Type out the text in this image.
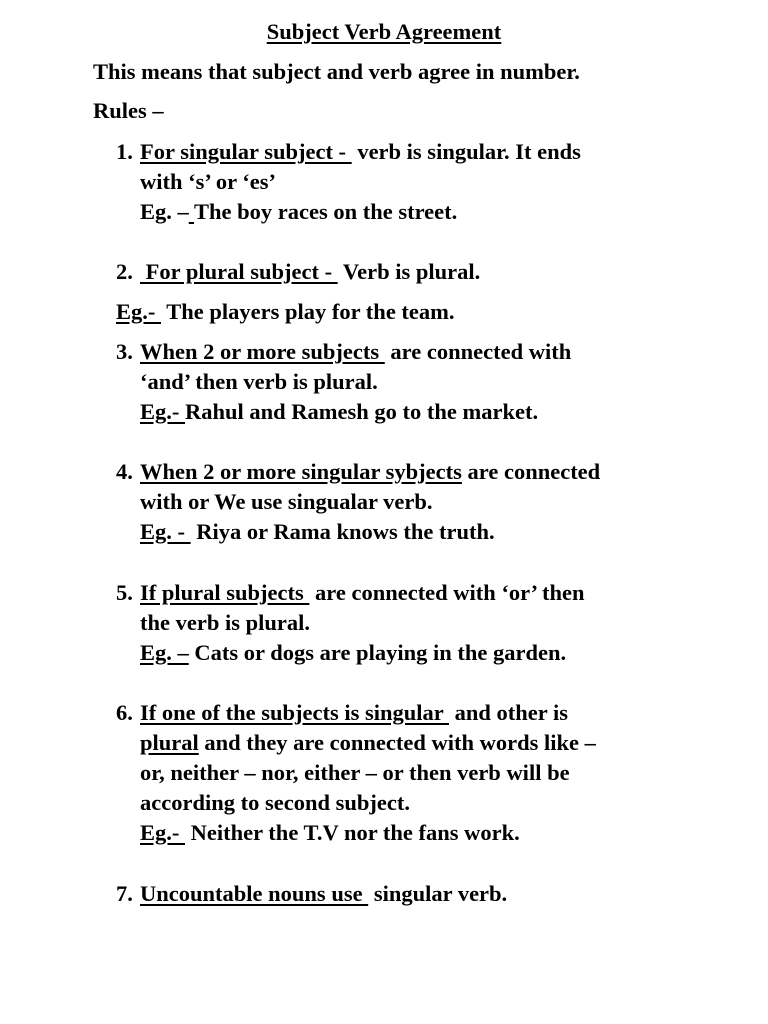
Subject Verb Agreement
This means that subject and verb agree in number.
Rules –
1. For singular subject -  verb is singular. It ends
with ‘s’ or ‘es’
Eg. – The boy races on the street.
2. For plural subject -  Verb is plural.
Eg.-  The players play for the team.
3. When 2 or more subjects  are connected with
‘and’ then verb is plural.
Eg.- Rahul and Ramesh go to the market.
4. When 2 or more singular sybjects are connected
with or We use singualar verb.
Eg. -  Riya or Rama knows the truth.
5. If plural subjects  are connected with ‘or’ then
the verb is plural.
Eg. – Cats or dogs are playing in the garden.
6. If one of the subjects is singular  and other is
plural and they are connected with words like –
or, neither – nor, either – or then verb will be
according to second subject.
Eg.-  Neither the T.V nor the fans work.
7. Uncountable nouns use  singular verb.
